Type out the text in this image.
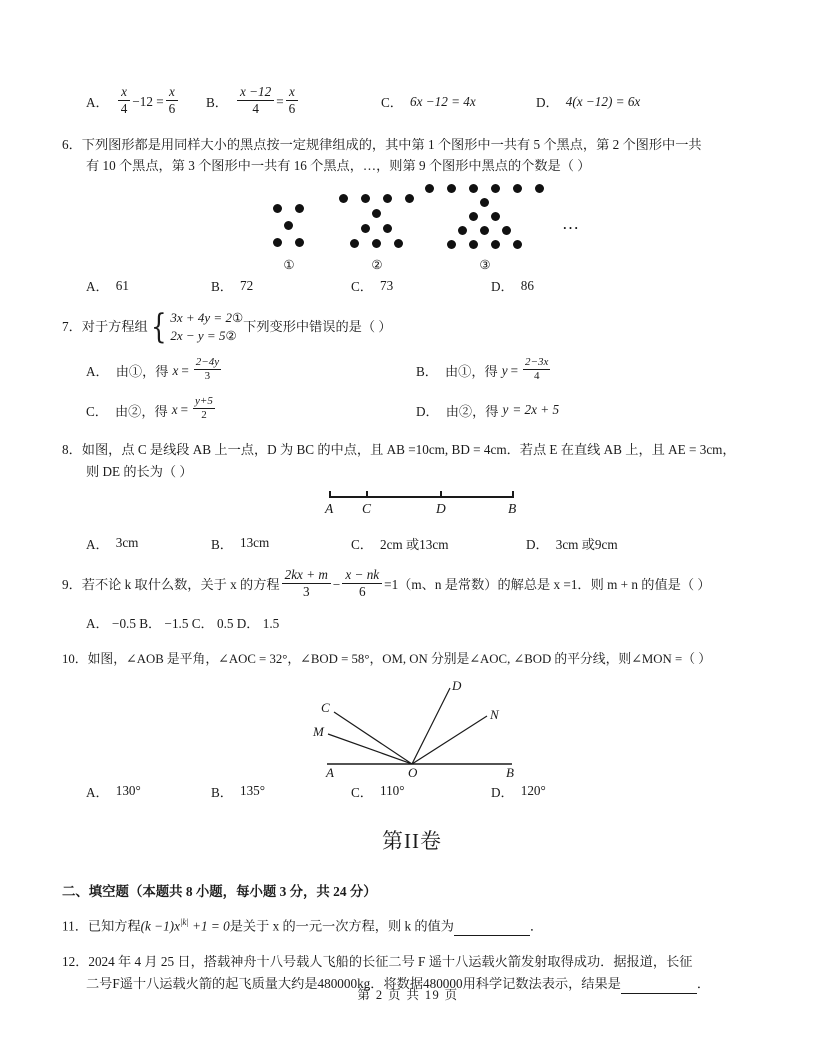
A． $\frac{x}{4} -12 = \frac{x}{6}$ B． $\frac{x -12}{4} = \frac{x}{6}$	C． 6x −12 = 4x	D． 4(x −12) = 6x
6．下列图形都是用同样大小的黑点按一定规律组成的，其中第 1 个图形中一共有 5 个黑点，第 2 个图形中一共
有 10 个黑点，第 3 个图形中一共有 16 个黑点，…，则第 9 个图形中黑点的个数是（ ）
①	②	③
…
A． 61	B． 72	C． 73	D． 86
7．对于方程组 { 3x + 4y = 2①
2x − y = 5②
下列变形中错误的是（ ）
A． 由①，得 $x = \frac{2-4y}{3}$	B． 由①，得 $y = \frac{2-3x}{4}$
C． 由②，得 $x = \frac{y+5}{2}$	D． 由②，得 y = 2x + 5
8．如图，点 C 是线段 AB 上一点，D 为 BC 的中点，且 AB =10cm, BD = 4cm．若点 E 在直线 AB 上，且 AE = 3cm，
则 DE 的长为（ ）
A C	D	B
A． 3cm	B． 13cm	C． 2cm 或13cm	D． 3cm 或9cm
9．若不论 k 取什么数，关于 x 的方程 $\frac{2kx + m}{3} - \frac{x - nk}{6} =1(m$、n 是常数）的解总是 x =1．则 m + n 的值是（ ）
A． −0.5 B． −1.5 C． 0.5 D． 1.5
10．如图，∠AOB 是平角，∠AOC = 32°，∠BOD = 58°，OM, ON 分别是∠AOC, ∠BOD 的平分线，则∠MON =（ ）
D
C	N
M
A	O	B
A． 130°	B． 135°	C． 110°	D． 120°
第II卷
二、填空题（本题共 8 小题，每小题 3 分，共 24 分）
11．已知方程$(k -1)x^{|k|} +1 = 0$是关于 x 的一元一次方程，则 k 的值为	．
12．2024 年 4 月 25 日，搭载神舟十八号载人飞船的长征二号 F 遥十八运载火箭发射取得成功．据报道，长征
二号F遥十八运载火箭的起飞质量大约是480000kg．将数据480000用科学记数法表示，结果是	．
第 2 页 共 19 页
